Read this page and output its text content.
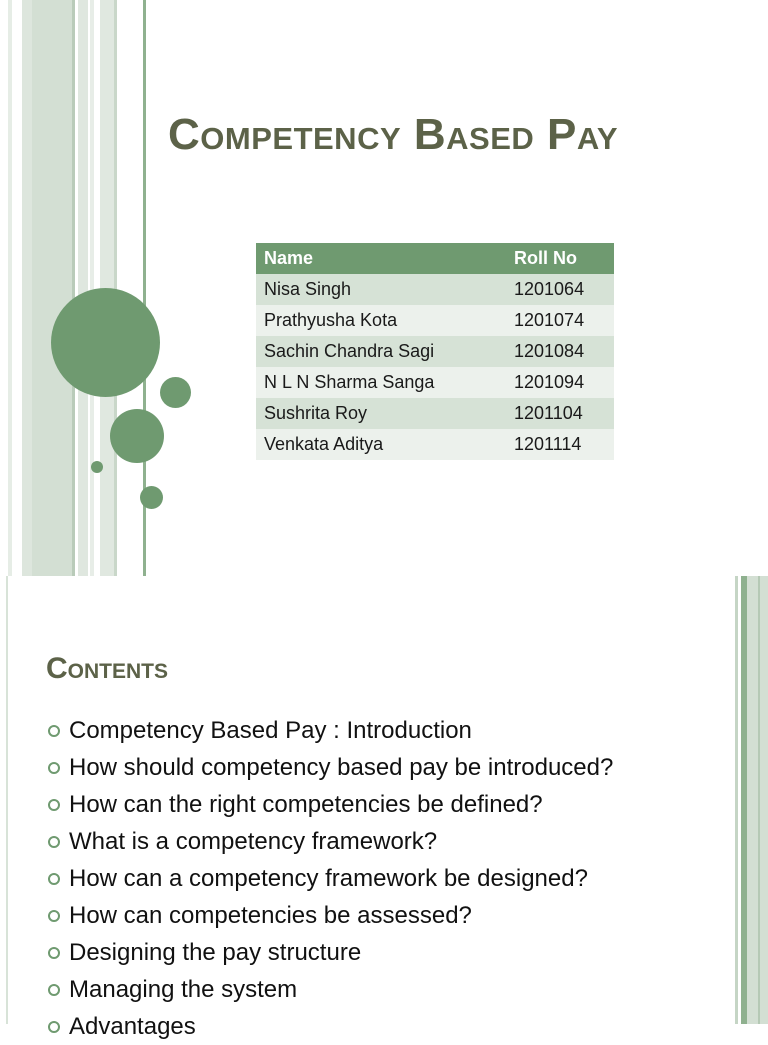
Competency Based Pay
Name	Roll No
Nisa Singh	1201064
Prathyusha Kota	1201074
Sachin Chandra Sagi	1201084
N L N Sharma Sanga	1201094
Sushrita Roy	1201104
Venkata Aditya	1201114
Contents
Competency Based Pay : Introduction
How should competency based pay be introduced?
How can the right competencies be defined?
What is a competency framework?
How can a competency framework be designed?
How can competencies be assessed?
Designing the pay structure
Managing the system
Advantages
